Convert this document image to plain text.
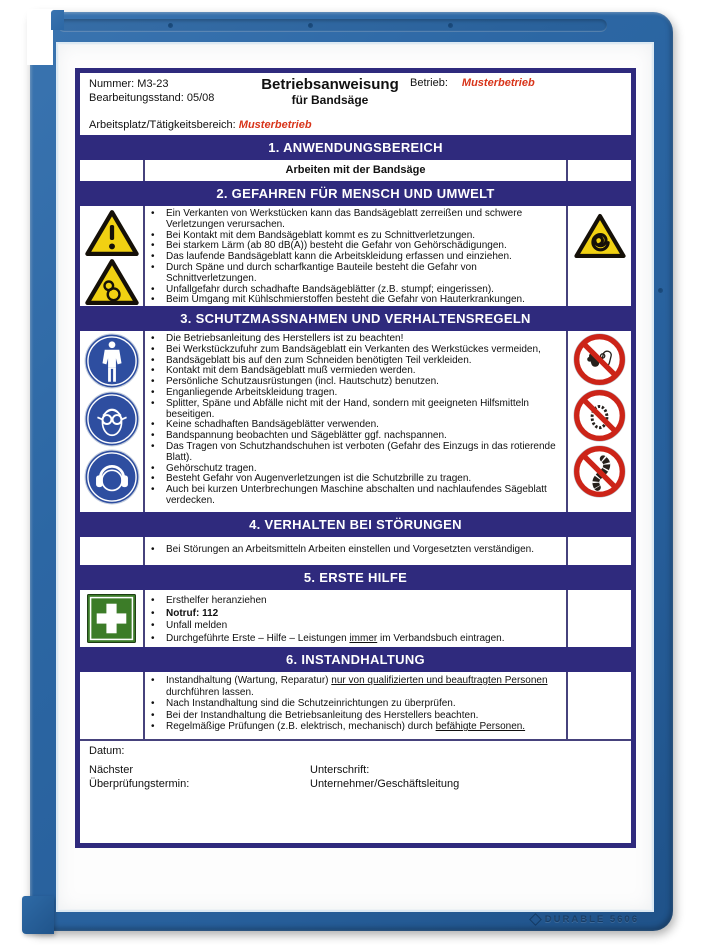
DURABLE 5606
Nummer: M3-23
Bearbeitungsstand: 05/08
Betriebsanweisung
für Bandsäge
Betrieb: Musterbetrieb
Arbeitsplatz/Tätigkeitsbereich: Musterbetrieb
1. ANWENDUNGSBEREICH
Arbeiten mit der Bandsäge
2. GEFAHREN FÜR MENSCH UND UMWELT
• Ein Verkanten von Werkstücken kann das Bandsägeblatt zerreißen und schwere Verletzungen verursachen.
• Bei Kontakt mit dem Bandsägeblatt kommt es zu Schnittverletzungen.
• Bei starkem Lärm (ab 80 dB(A)) besteht die Gefahr von Gehörschädigungen.
• Das laufende Bandsägeblatt kann die Arbeitskleidung erfassen und einziehen.
• Durch Späne und durch scharfkantige Bauteile besteht die Gefahr von Schnittverletzungen.
• Unfallgefahr durch schadhafte Bandsägeblätter (z.B. stumpf; eingerissen).
• Beim Umgang mit Kühlschmierstoffen besteht die Gefahr von Hauterkrankungen.
3. SCHUTZMASSNAHMEN UND VERHALTENSREGELN
• Die Betriebsanleitung des Herstellers ist zu beachten!
• Bei Werkstückzufuhr zum Bandsägeblatt ein Verkanten des Werkstückes vermeiden,
• Bandsägeblatt bis auf den zum Schneiden benötigten Teil verkleiden.
• Kontakt mit dem Bandsägeblatt muß vermieden werden.
• Persönliche Schutzausrüstungen (incl. Hautschutz) benutzen.
• Enganliegende Arbeitskleidung tragen.
• Splitter, Späne und Abfälle nicht mit der Hand, sondern mit geeigneten Hilfsmitteln beseitigen.
• Keine schadhaften Bandsägeblätter verwenden.
• Bandspannung beobachten und Sägeblätter ggf. nachspannen.
• Das Tragen von Schutzhandschuhen ist verboten (Gefahr des Einzugs in das rotierende Blatt).
• Gehörschutz tragen.
• Besteht Gefahr von Augenverletzungen ist die Schutzbrille zu tragen.
• Auch bei kurzen Unterbrechungen Maschine abschalten und nachlaufendes Sägeblatt verdecken.
4. VERHALTEN BEI STÖRUNGEN
• Bei Störungen an Arbeitsmitteln Arbeiten einstellen und Vorgesetzten verständigen.
5. ERSTE HILFE
• Ersthelfer heranziehen
• Notruf: 112
• Unfall melden
• Durchgeführte Erste – Hilfe – Leistungen immer im Verbandsbuch eintragen.
6. INSTANDHALTUNG
• Instandhaltung (Wartung, Reparatur) nur von qualifizierten und beauftragten Personen durchführen lassen.
• Nach Instandhaltung sind die Schutzeinrichtungen zu überprüfen.
• Bei der Instandhaltung die Betriebsanleitung des Herstellers beachten.
• Regelmäßige Prüfungen (z.B. elektrisch, mechanisch) durch befähigte Personen.
Datum:
Nächster
Überprüfungstermin:
Unterschrift:
Unternehmer/Geschäftsleitung
